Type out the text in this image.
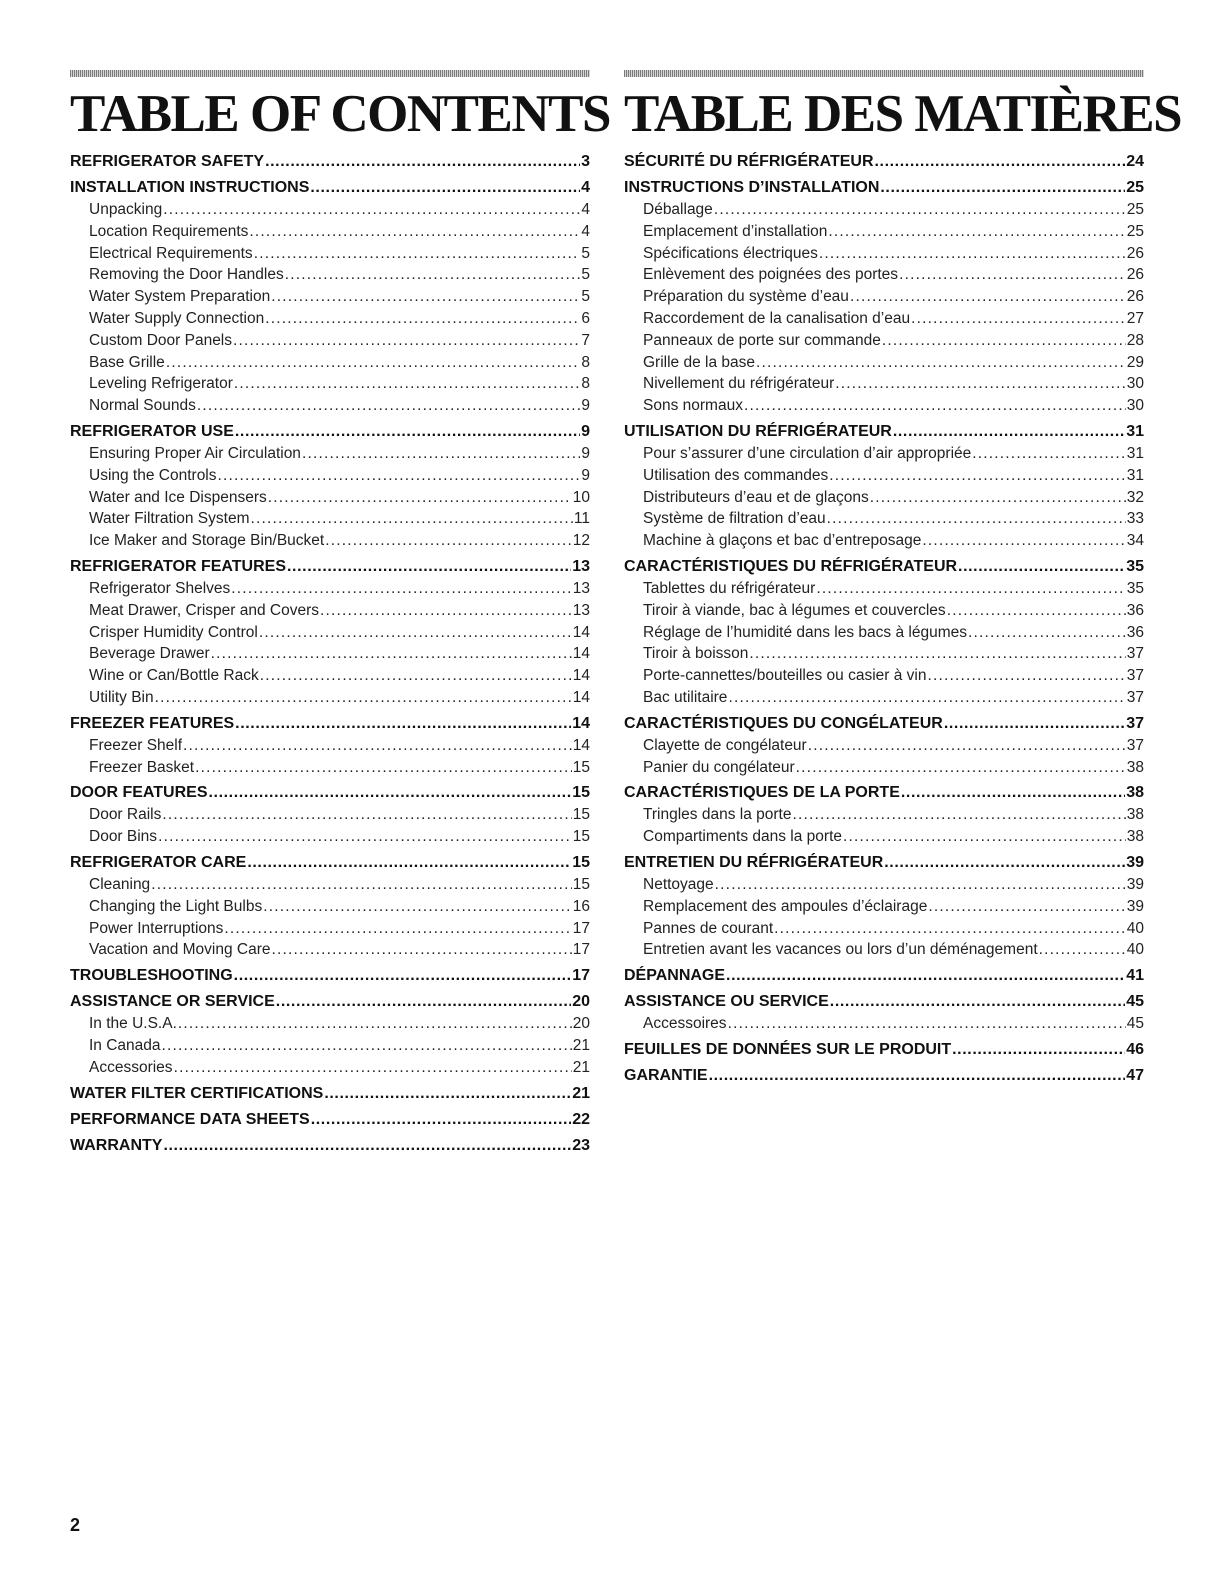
TABLE OF CONTENTS
REFRIGERATOR SAFETY .....	3
INSTALLATION INSTRUCTIONS .....	4
Unpacking .....	4
Location Requirements .....	4
Electrical Requirements .....	5
Removing the Door Handles .....	5
Water System Preparation .....	5
Water Supply Connection .....	6
Custom Door Panels .....	7
Base Grille .....	8
Leveling Refrigerator .....	8
Normal Sounds .....	9
REFRIGERATOR USE .....	9
Ensuring Proper Air Circulation .....	9
Using the Controls .....	9
Water and Ice Dispensers .....	10
Water Filtration System .....	11
Ice Maker and Storage Bin/Bucket .....	12
REFRIGERATOR FEATURES .....	13
Refrigerator Shelves .....	13
Meat Drawer, Crisper and Covers .....	13
Crisper Humidity Control .....	14
Beverage Drawer .....	14
Wine or Can/Bottle Rack .....	14
Utility Bin .....	14
FREEZER FEATURES .....	14
Freezer Shelf .....	14
Freezer Basket .....	15
DOOR FEATURES .....	15
Door Rails .....	15
Door Bins .....	15
REFRIGERATOR CARE .....	15
Cleaning .....	15
Changing the Light Bulbs .....	16
Power Interruptions .....	17
Vacation and Moving Care .....	17
TROUBLESHOOTING .....	17
ASSISTANCE OR SERVICE .....	20
In the U.S.A. .....	20
In Canada .....	21
Accessories .....	21
WATER FILTER CERTIFICATIONS .....	21
PERFORMANCE DATA SHEETS .....	22
WARRANTY .....	23
TABLE DES MATIÈRES
SÉCURITÉ DU RÉFRIGÉRATEUR .....	24
INSTRUCTIONS D’INSTALLATION .....	25
Déballage .....	25
Emplacement d’installation .....	25
Spécifications électriques .....	26
Enlèvement des poignées des portes .....	26
Préparation du système d’eau .....	26
Raccordement de la canalisation d’eau .....	27
Panneaux de porte sur commande .....	28
Grille de la base .....	29
Nivellement du réfrigérateur .....	30
Sons normaux .....	30
UTILISATION DU RÉFRIGÉRATEUR .....	31
Pour s’assurer d’une circulation d’air appropriée .....	31
Utilisation des commandes .....	31
Distributeurs d’eau et de glaçons .....	32
Système de filtration d’eau .....	33
Machine à glaçons et bac d’entreposage .....	34
CARACTÉRISTIQUES DU RÉFRIGÉRATEUR .....	35
Tablettes du réfrigérateur .....	35
Tiroir à viande, bac à légumes et couvercles .....	36
Réglage de l’humidité dans les bacs à légumes .....	36
Tiroir à boisson .....	37
Porte-cannettes/bouteilles ou casier à vin .....	37
Bac utilitaire .....	37
CARACTÉRISTIQUES DU CONGÉLATEUR .....	37
Clayette de congélateur .....	37
Panier du congélateur .....	38
CARACTÉRISTIQUES DE LA PORTE .....	38
Tringles dans la porte .....	38
Compartiments dans la porte .....	38
ENTRETIEN DU RÉFRIGÉRATEUR .....	39
Nettoyage .....	39
Remplacement des ampoules d’éclairage .....	39
Pannes de courant .....	40
Entretien avant les vacances ou lors d’un déménagement .....	40
DÉPANNAGE .....	41
ASSISTANCE OU SERVICE .....	45
Accessoires .....	45
FEUILLES DE DONNÉES SUR LE PRODUIT .....	46
GARANTIE .....	47
2
